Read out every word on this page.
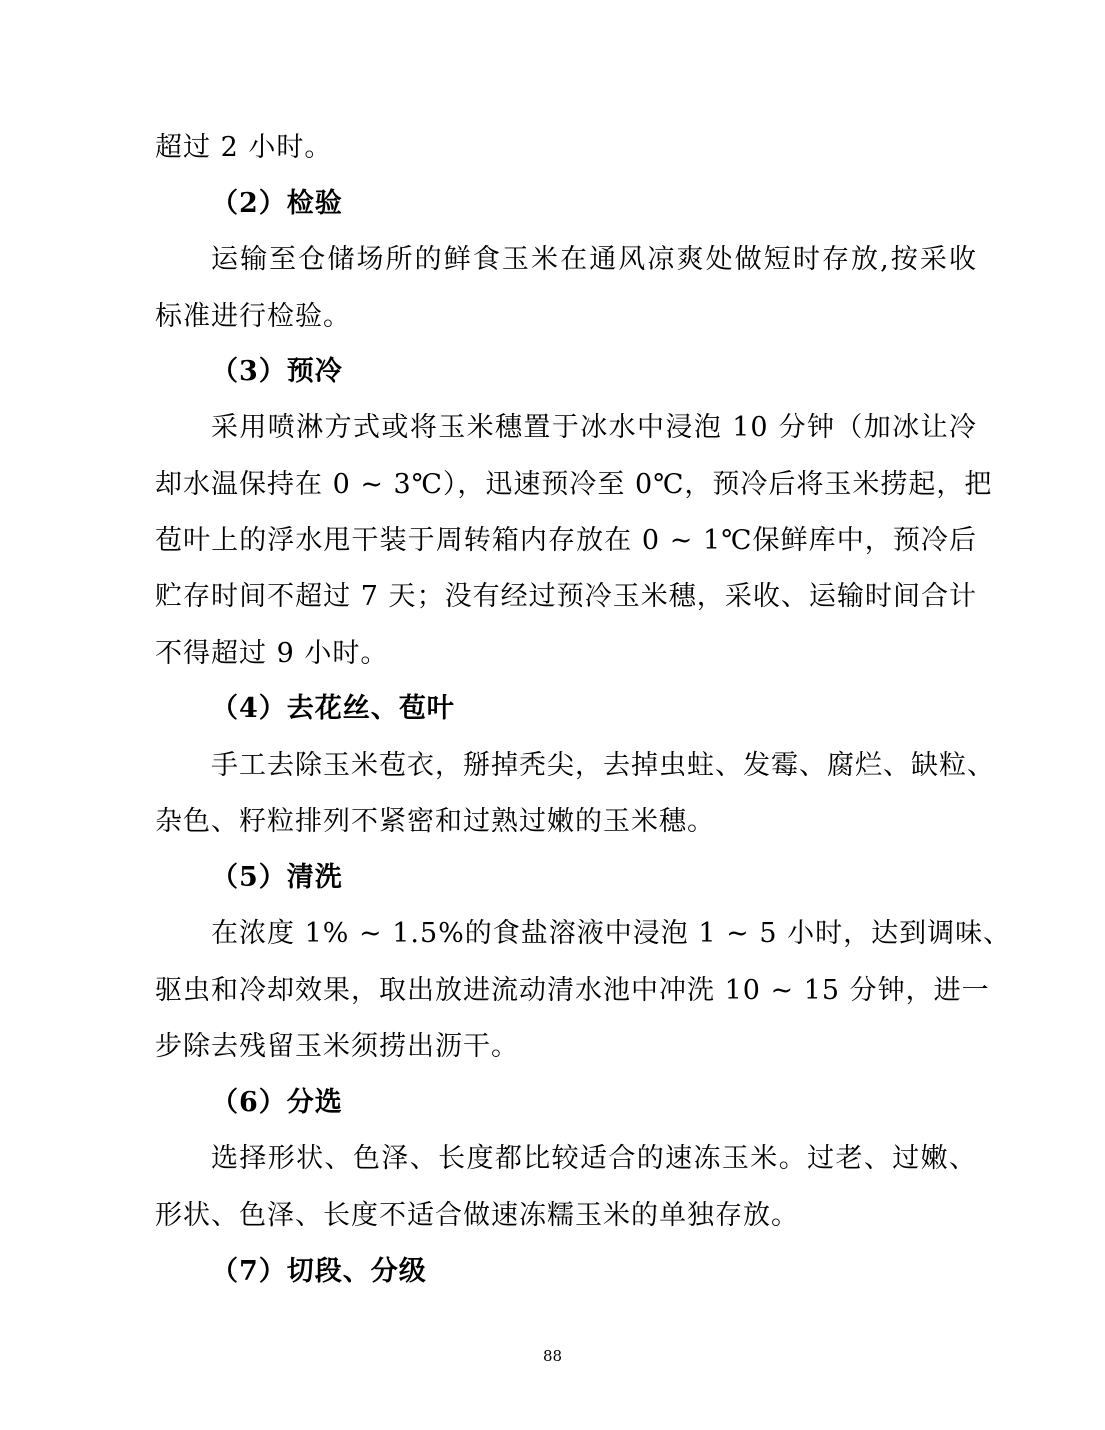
超过 2 小时。
（2）检验
运输至仓储场所的鲜食玉米在通风凉爽处做短时存放,按采收
标准进行检验。
（3）预冷
采用喷淋方式或将玉米穗置于冰水中浸泡 10 分钟（加冰让冷
却水温保持在 0 ~ 3℃），迅速预冷至 0℃，预冷后将玉米捞起，把
苞叶上的浮水甩干装于周转箱内存放在 0 ~ 1℃保鲜库中，预冷后
贮存时间不超过 7 天；没有经过预冷玉米穗，采收、运输时间合计
不得超过 9 小时。
（4）去花丝、苞叶
手工去除玉米苞衣，掰掉秃尖，去掉虫蛀、发霉、腐烂、缺粒、
杂色、籽粒排列不紧密和过熟过嫩的玉米穗。
（5）清洗
在浓度 1% ~ 1.5%的食盐溶液中浸泡 1 ~ 5 小时，达到调味、
驱虫和冷却效果，取出放进流动清水池中冲洗 10 ~ 15 分钟，进一
步除去残留玉米须捞出沥干。
（6）分选
选择形状、色泽、长度都比较适合的速冻玉米。过老、过嫩、
形状、色泽、长度不适合做速冻糯玉米的单独存放。
（7）切段、分级
88
